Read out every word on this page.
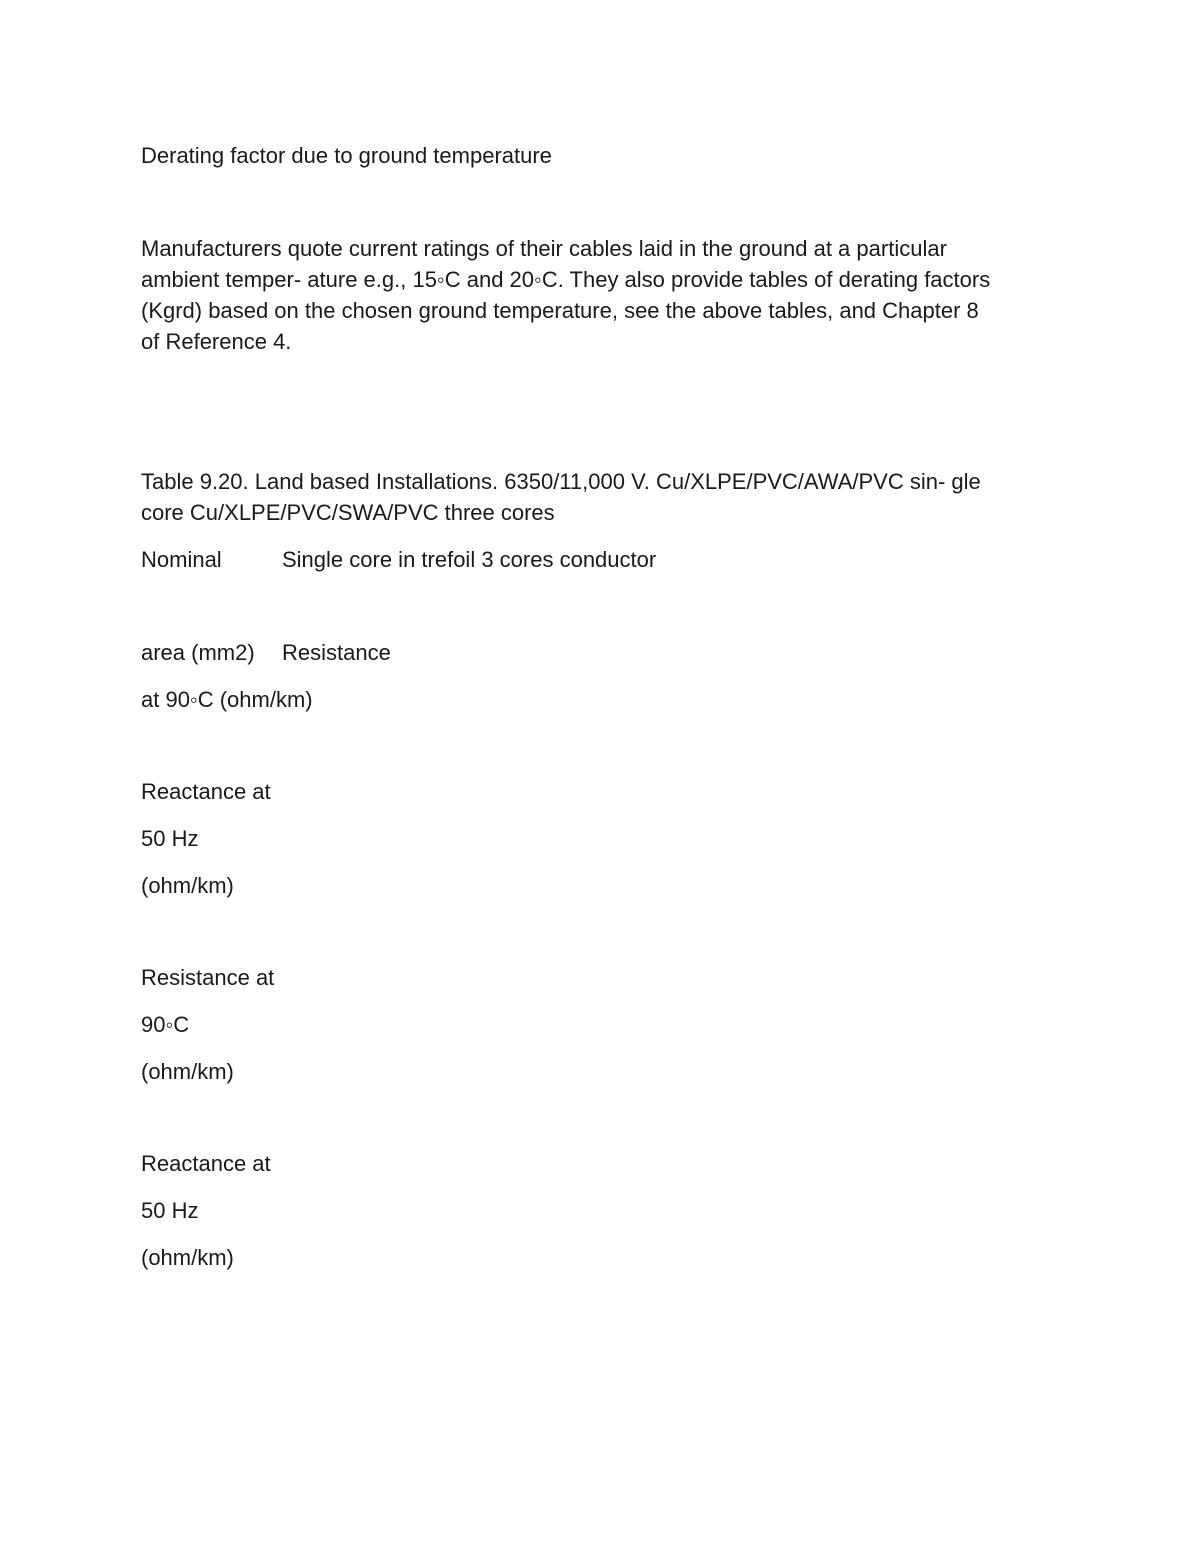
Derating factor due to ground temperature

Manufacturers quote current ratings of their cables laid in the ground at a particular
ambient temper- ature e.g., 15◦C and 20◦C. They also provide tables of derating factors
(Kgrd) based on the chosen ground temperature, see the above tables, and Chapter 8
of Reference 4.

Table 9.20. Land based Installations. 6350/11,000 V. Cu/XLPE/PVC/AWA/PVC sin- gle
core Cu/XLPE/PVC/SWA/PVC three cores

Nominal	Single core in trefoil 3 cores conductor

area (mm2) Resistance

at 90◦C (ohm/km)

Reactance at

50 Hz

(ohm/km)

Resistance at

90◦C

(ohm/km)

Reactance at

50 Hz

(ohm/km)
